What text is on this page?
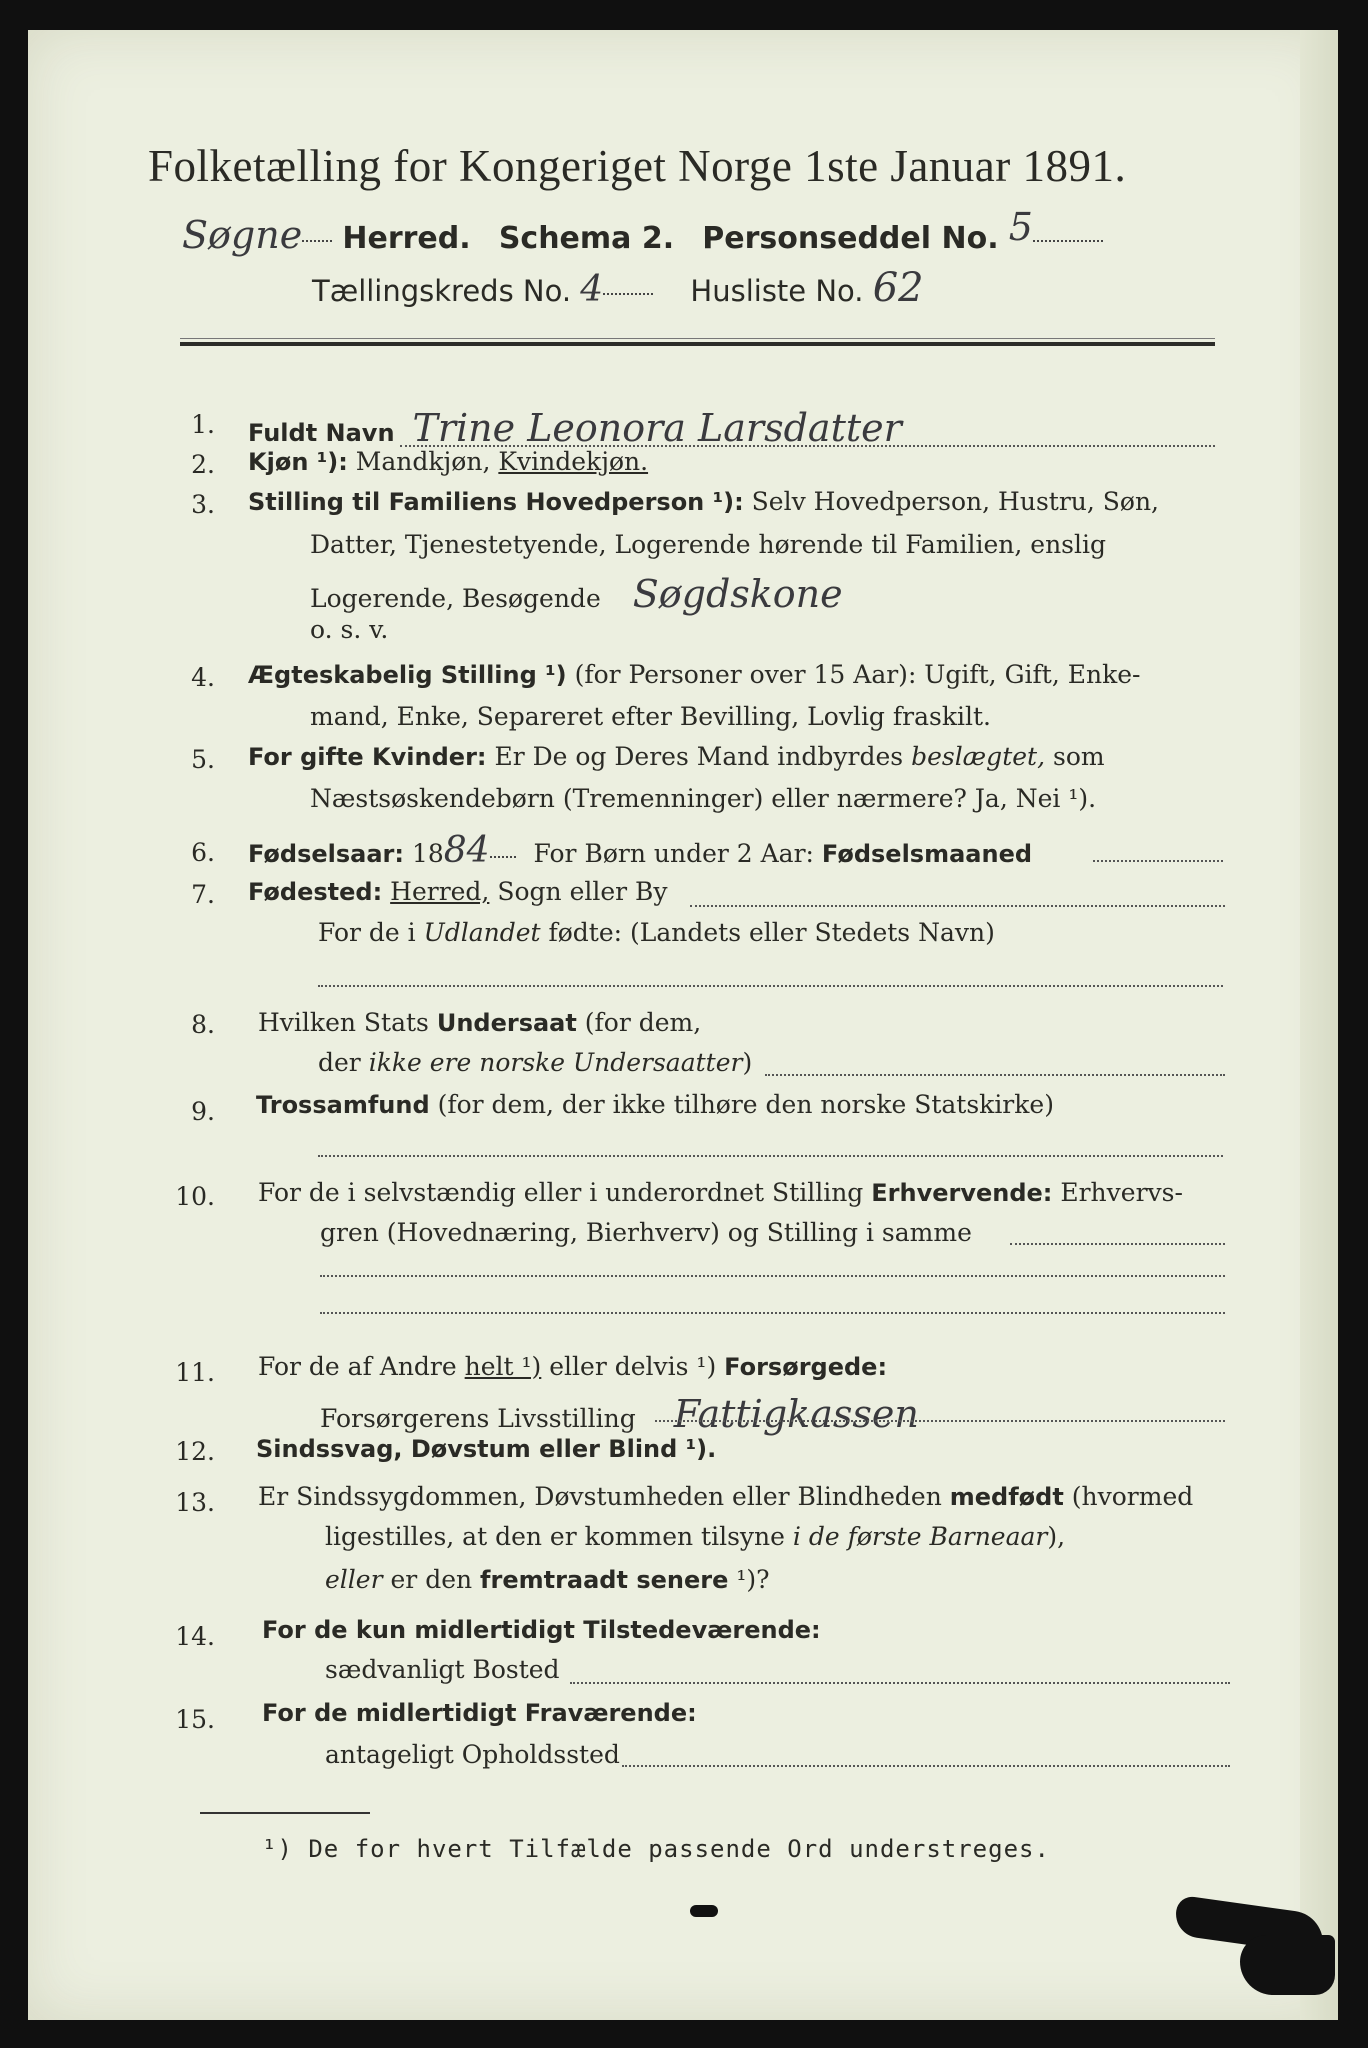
Folketælling for Kongeriget Norge 1ste Januar 1891.
Søgne Herred. Schema 2. Personseddel No. 5
Tællingskreds No. 4	Husliste No. 62
1. Fuldt Navn Trine Leonora Larsdatter
2. Kjøn ¹): Mandkjøn, Kvindekjøn.
3. Stilling til Familiens Hovedperson ¹): Selv Hovedperson, Hustru, Søn,
Datter, Tjenestetyende, Logerende hørende til Familien, enslig
Logerende, Besøgende Søgdskone
o. s. v.
4. Ægteskabelig Stilling ¹) (for Personer over 15 Aar): Ugift, Gift, Enke-
mand, Enke, Separeret efter Bevilling, Lovlig fraskilt.
5. For gifte Kvinder: Er De og Deres Mand indbyrdes beslægtet, som
Næstsøskendebørn (Tremenninger) eller nærmere? Ja, Nei ¹).
6. Fødselsaar: 1884 For Børn under 2 Aar: Fødselsmaaned
7. Fødested: Herred, Sogn eller By
For de i Udlandet fødte: (Landets eller Stedets Navn)
8. Hvilken Stats Undersaat (for dem,
der ikke ere norske Undersaatter)
9. Trossamfund (for dem, der ikke tilhøre den norske Statskirke)
10. For de i selvstændig eller i underordnet Stilling Erhvervende: Erhvervs-
gren (Hovednæring, Bierhverv) og Stilling i samme
11. For de af Andre helt ¹) eller delvis ¹) Forsørgede:
Forsørgerens Livsstilling Fattigkassen
12. Sindssvag, Døvstum eller Blind ¹).
13. Er Sindssygdommen, Døvstumheden eller Blindheden medfødt (hvormed
ligestilles, at den er kommen tilsyne i de første Barneaar),
eller er den fremtraadt senere ¹)?
14. For de kun midlertidigt Tilstedeværende:
sædvanligt Bosted
15. For de midlertidigt Fraværende:
antageligt Opholdssted
¹) De for hvert Tilfælde passende Ord understreges.
